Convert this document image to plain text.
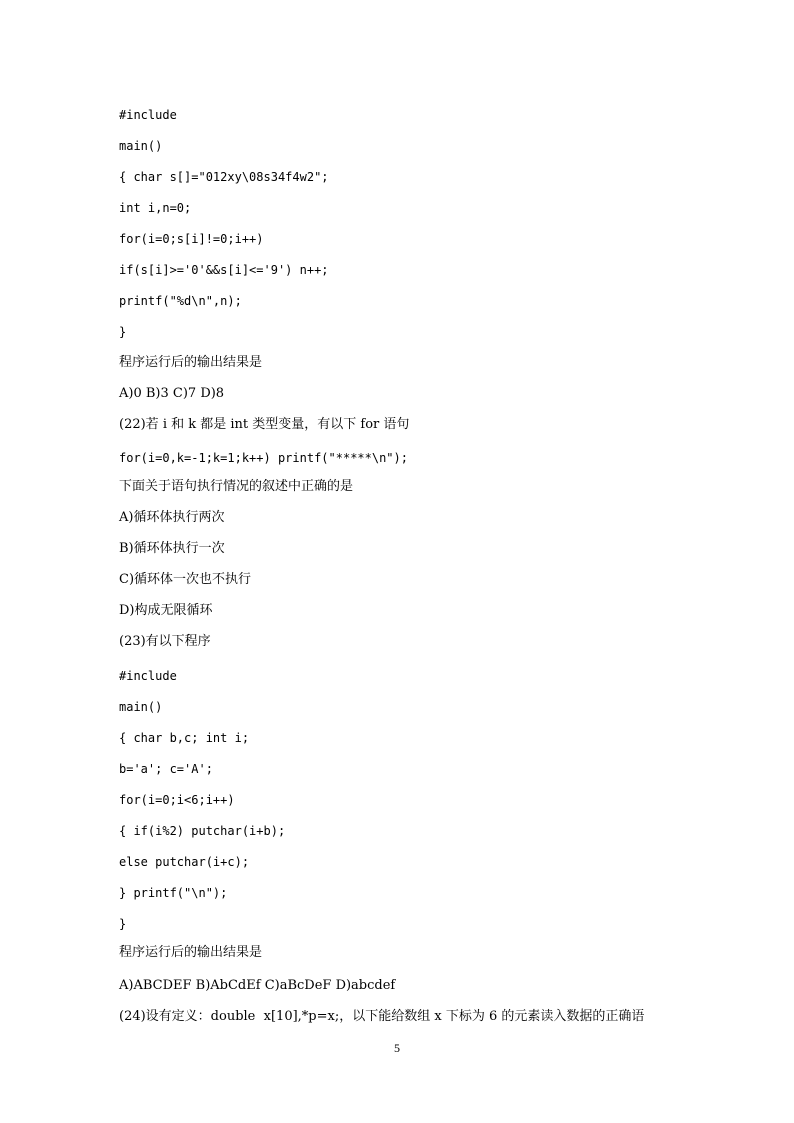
#include

main()

{ char s[]="012xy\08s34f4w2";

int i,n=0;

for(i=0;s[i]!=0;i++)

if(s[i]>='0'&&s[i]<='9') n++;

printf("%d\n",n);

}

程序运行后的输出结果是

A)0 B)3 C)7 D)8

(22)若 i 和 k 都是 int 类型变量，有以下 for 语句

for(i=0,k=-1;k=1;k++) printf("*****\n");

下面关于语句执行情况的叙述中正确的是

A)循环体执行两次

B)循环体执行一次

C)循环体一次也不执行

D)构成无限循环

(23)有以下程序

#include

main()

{ char b,c; int i;

b='a'; c='A';

for(i=0;i<6;i++)

{ if(i%2) putchar(i+b);

else putchar(i+c);

} printf("\n");

}

程序运行后的输出结果是

A)ABCDEF B)AbCdEf C)aBcDeF D)abcdef

(24)设有定义：double  x[10],*p=x;，以下能给数组 x 下标为 6 的元素读入数据的正确语

5
